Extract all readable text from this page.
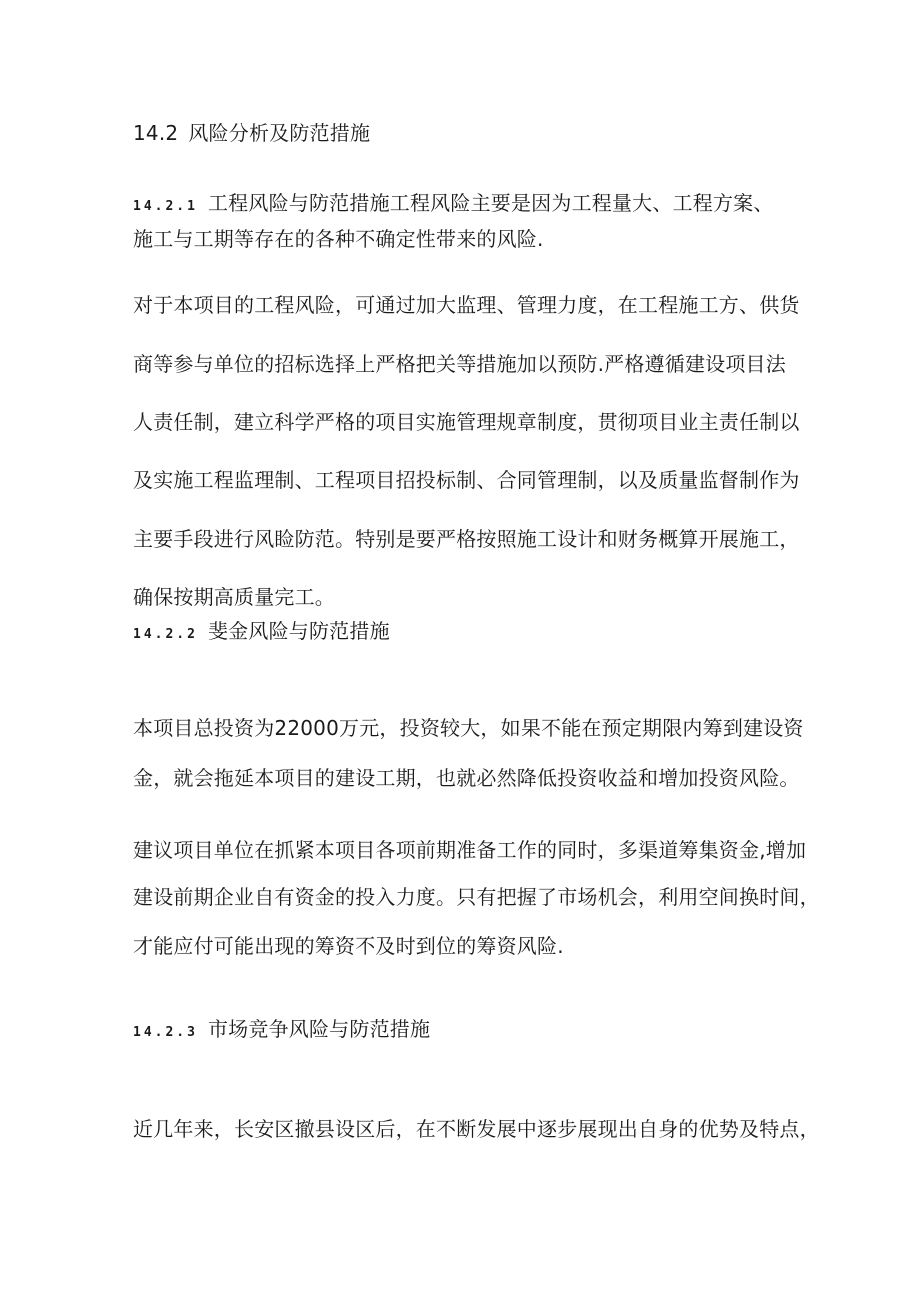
14.2 风险分析及防范措施
14.2.1 工程风险与防范措施工程风险主要是因为工程量大、工程方案、
施工与工期等存在的各种不确定性带来的风险.
对于本项目的工程风险，可通过加大监理、管理力度，在工程施工方、供货
商等参与单位的招标选择上严格把关等措施加以预防.严格遵循建设项目法
人责任制，建立科学严格的项目实施管理规章制度，贯彻项目业主责任制以
及实施工程监理制、工程项目招投标制、合同管理制，以及质量监督制作为
主要手段进行风睑防范。特别是要严格按照施工设计和财务概算开展施工，
确保按期高质量完工。
14.2.2 斐金风险与防范措施
本项目总投资为22000万元，投资较大，如果不能在预定期限内筹到建设资
金，就会拖延本项目的建设工期，也就必然降低投资收益和增加投资风险。
建议项目单位在抓紧本项目各项前期准备工作的同时，多渠道筹集资金,增加
建设前期企业自有资金的投入力度。只有把握了市场机会，利用空间换时间，
才能应付可能出现的筹资不及时到位的筹资风险.
14.2.3 市场竞争风险与防范措施
近几年来，长安区撤县设区后，在不断发展中逐步展现出自身的优势及特点，
